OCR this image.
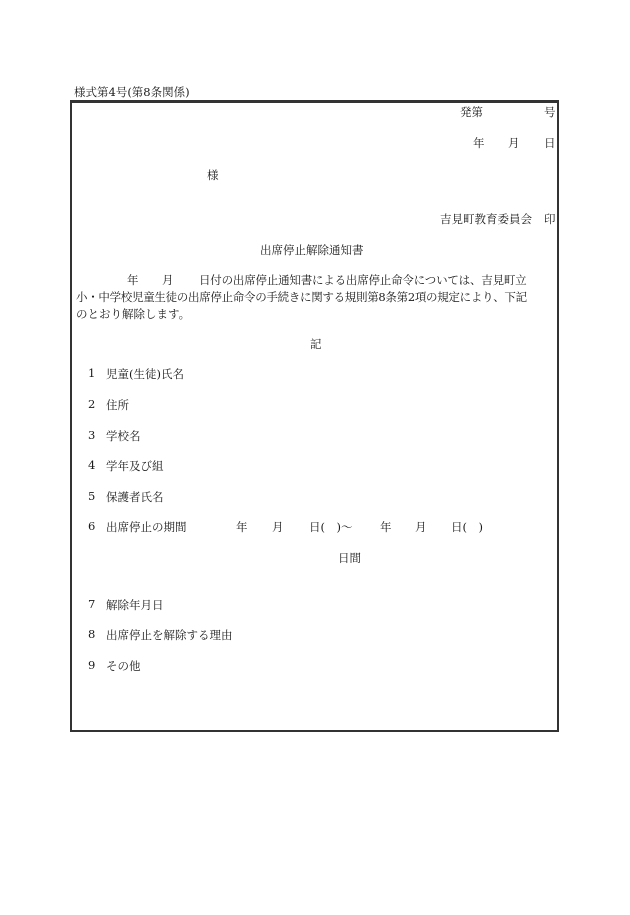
様式第4号(第8条関係)
発第	号
年 月 日
様
吉見町教育委員会 印
出席停止解除通知書
年 月 日付の出席停止通知書による出席停止命令については、吉見町立
小・中学校児童生徒の出席停止命令の手続きに関する規則第8条第2項の規定により、下記
のとおり解除します。
記
1 児童(生徒)氏名
2 住所
3 学校名
4 学年及び組
5 保護者氏名
6 出席停止の期間	年 月 日(　)～ 年 月 日(　)
日間
7 解除年月日
8 出席停止を解除する理由
9 その他
